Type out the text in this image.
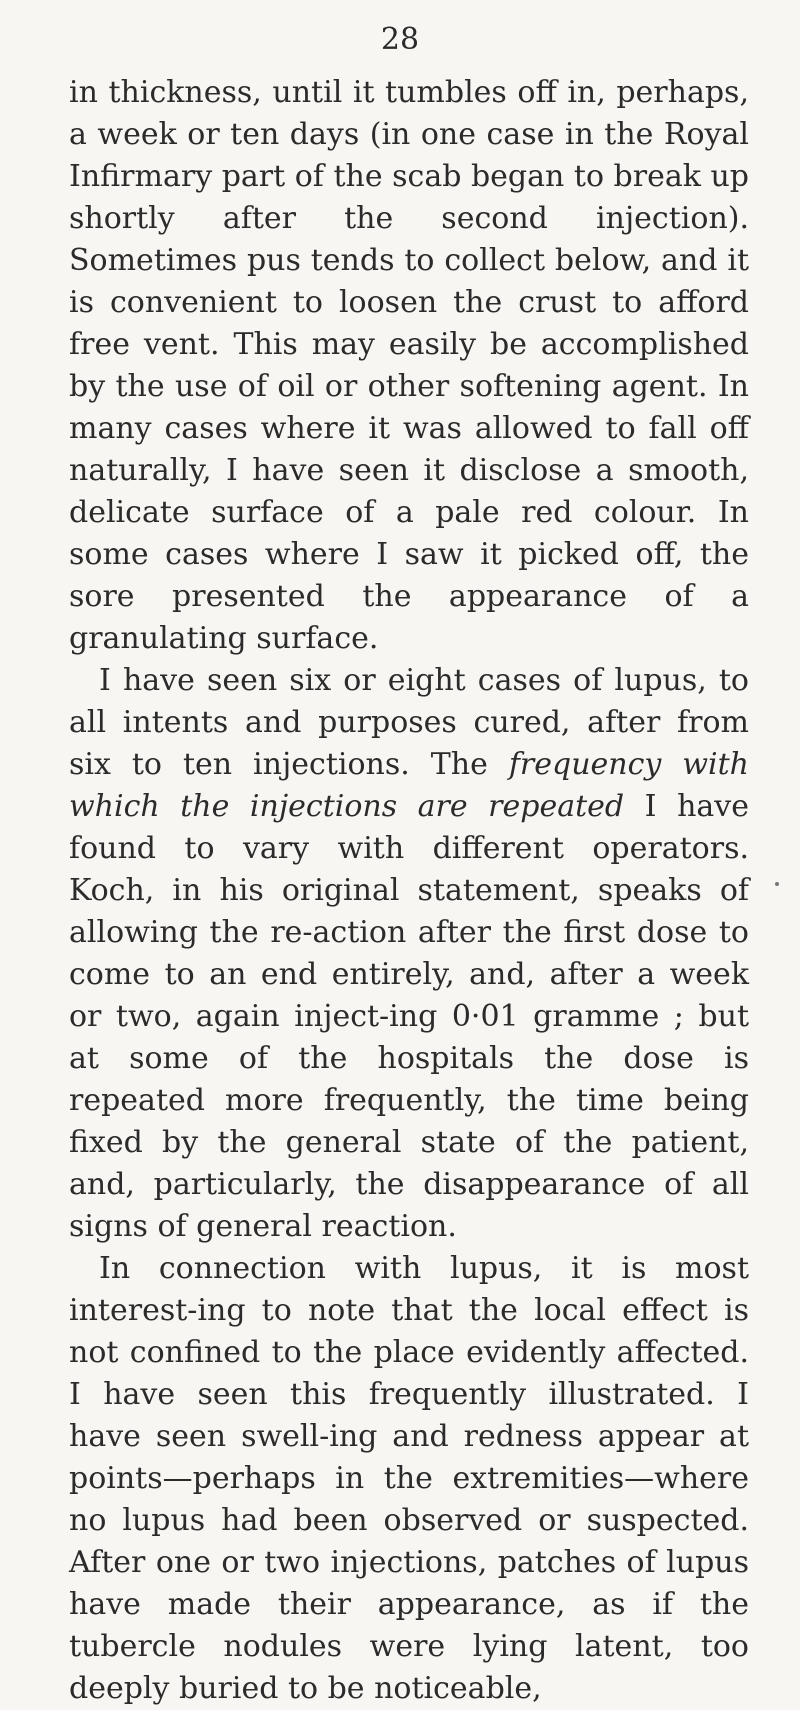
28

in thickness, until it tumbles off in, perhaps, a week or ten days (in one case in the Royal Infirmary part of the scab began to break up shortly after the second injection). Sometimes pus tends to collect below, and it is convenient to loosen the crust to afford free vent. This may easily be accomplished by the use of oil or other softening agent. In many cases where it was allowed to fall off naturally, I have seen it disclose a smooth, delicate surface of a pale red colour. In some cases where I saw it picked off, the sore presented the appearance of a granulating surface.

I have seen six or eight cases of lupus, to all intents and purposes cured, after from six to ten injections. The frequency with which the injections are repeated I have found to vary with different operators. Koch, in his original statement, speaks of allowing the re-action after the first dose to come to an end entirely, and, after a week or two, again inject-ing 0·01 gramme ; but at some of the hospitals the dose is repeated more frequently, the time being fixed by the general state of the patient, and, particularly, the disappearance of all signs of general reaction.

In connection with lupus, it is most interest-ing to note that the local effect is not confined to the place evidently affected. I have seen this frequently illustrated. I have seen swell-ing and redness appear at points—perhaps in the extremities—where no lupus had been observed or suspected. After one or two injections, patches of lupus have made their appearance, as if the tubercle nodules were lying latent, too deeply buried to be noticeable,
